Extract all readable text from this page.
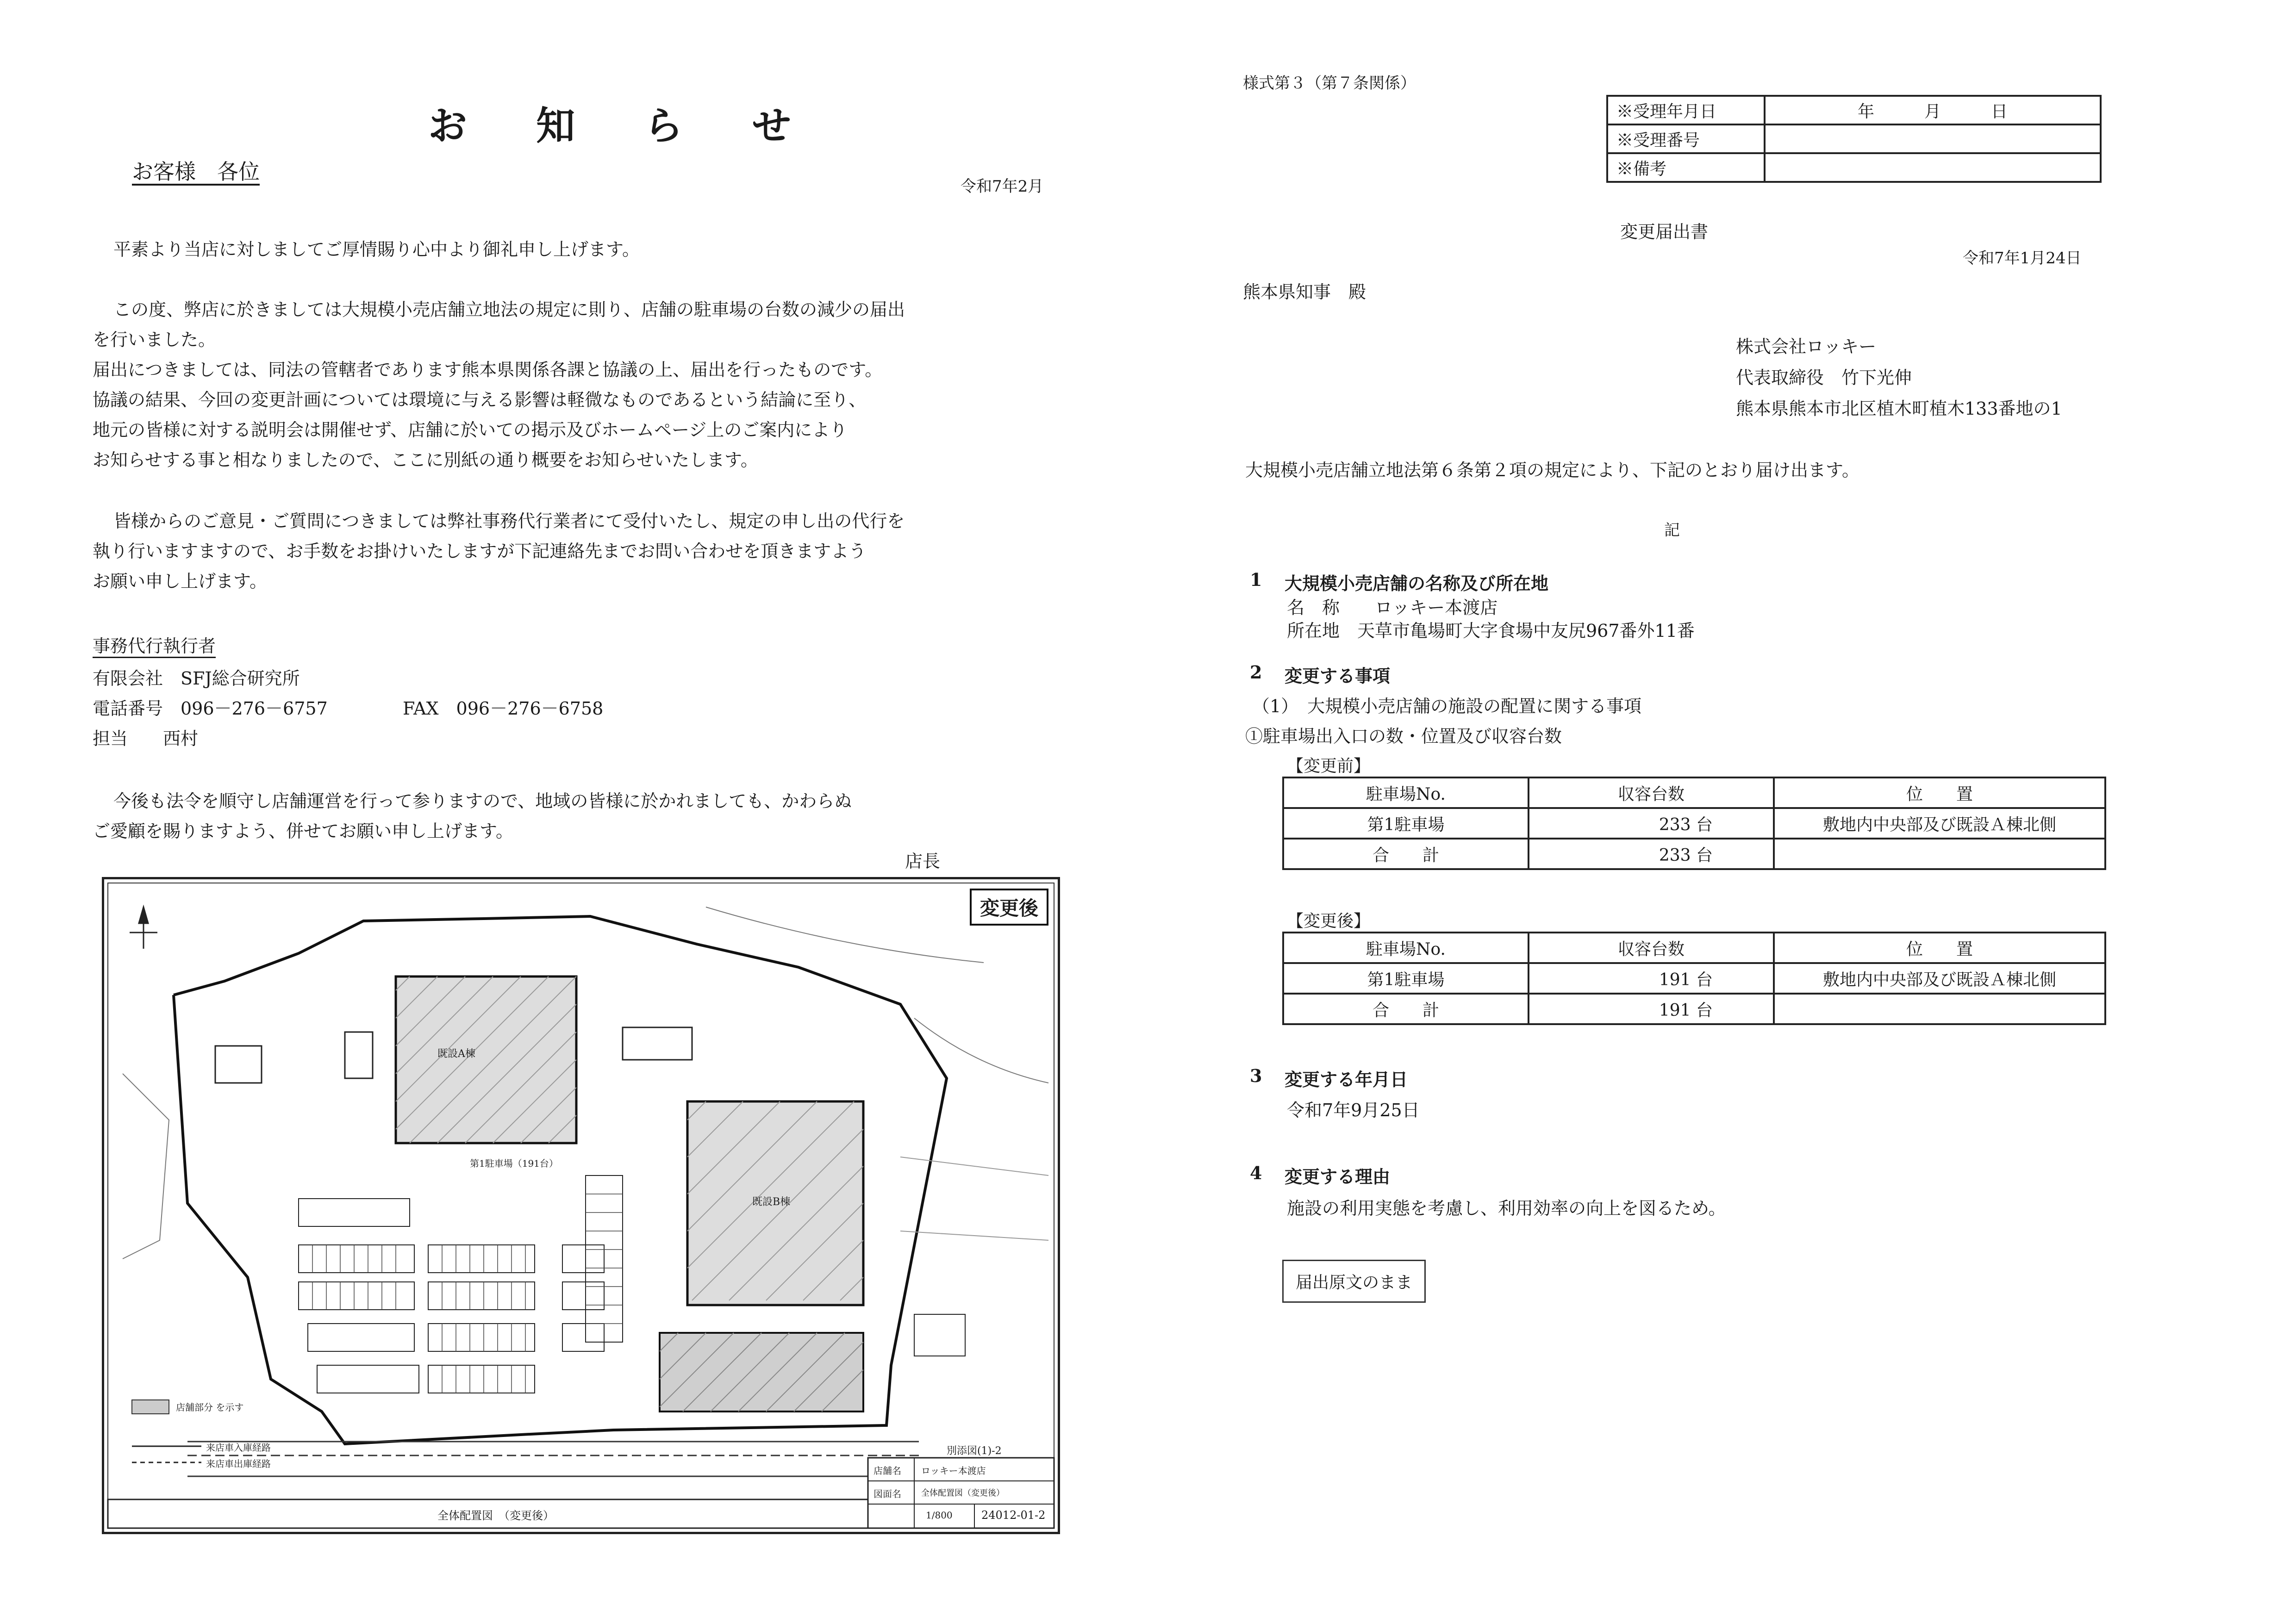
お 知 ら せ
お客様　各位
令和7年2月
平素より当店に対しましてご厚情賜り心中より御礼申し上げます。
この度、弊店に於きましては大規模小売店舗立地法の規定に則り、店舗の駐車場の台数の減少の届出
を行いました。
届出につきましては、同法の管轄者であります熊本県関係各課と協議の上、届出を行ったものです。
協議の結果、今回の変更計画については環境に与える影響は軽微なものであるという結論に至り、
地元の皆様に対する説明会は開催せず、店舗に於いての掲示及びホームページ上のご案内により
お知らせする事と相なりましたので、ここに別紙の通り概要をお知らせいたします。
皆様からのご意見・ご質問につきましては弊社事務代行業者にて受付いたし、規定の申し出の代行を
執り行いますますので、お手数をお掛けいたしますが下記連絡先までお問い合わせを頂きますよう
お願い申し上げます。
事務代行執行者
有限会社　SFJ総合研究所
電話番号　096－276－6757	FAX　096－276－6758
担当　　西村
今後も法令を順守し店舗運営を行って参りますので、地域の皆様に於かれましても、かわらぬ
ご愛顧を賜りますよう、併せてお願い申し上げます。
店長
変更後
既設A棟
既設B棟
第1駐車場（191台）
店舗部分 を示す
来店車入庫経路
来店車出庫経路
別添図(1)-2
店舗名 ロッキー本渡店
図面名 全体配置図（変更後）
1/800	24012-01-2
全体配置図　（変更後）
様式第３（第７条関係）
※受理年月日	年　　　月　　　日
※受理番号	
※備考	
変更届出書
令和7年1月24日
熊本県知事　殿
株式会社ロッキー
代表取締役　竹下光伸
熊本県熊本市北区植木町植木133番地の1
大規模小売店舗立地法第６条第２項の規定により、下記のとおり届け出ます。
記
1 大規模小売店舗の名称及び所在地
名　称　　ロッキー本渡店
所在地　天草市亀場町大字食場中友尻967番外11番
2 変更する事項
（1）　大規模小売店舗の施設の配置に関する事項
①駐車場出入口の数・位置及び収容台数
【変更前】
駐車場No.	収容台数	位　　置
第1駐車場	233 台	敷地内中央部及び既設Ａ棟北側
合　　計	233 台	
【変更後】
駐車場No.	収容台数	位　　置
第1駐車場	191 台	敷地内中央部及び既設Ａ棟北側
合　　計	191 台	
3 変更する年月日
令和7年9月25日
4 変更する理由
施設の利用実態を考慮し、利用効率の向上を図るため。
届出原文のまま
